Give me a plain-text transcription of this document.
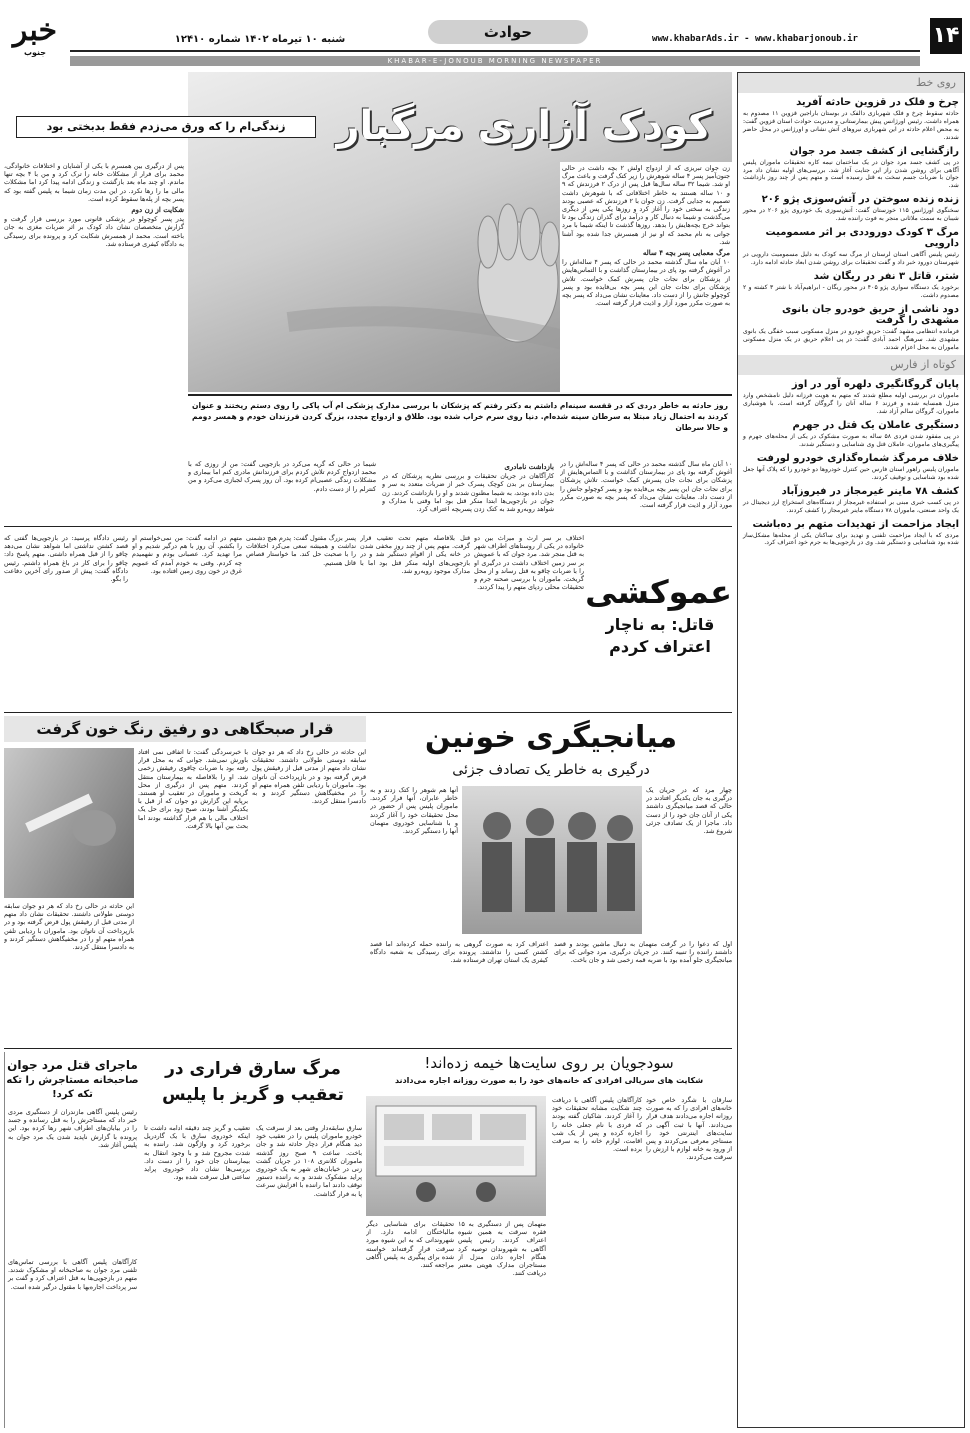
۱۴
حوادث	www.khabarAds.ir - www.khabarjonoub.ir
شنبه ۱۰ تیرماه ۱۴۰۲ شماره ۱۲۴۱۰
خبر
جنوب
KHABAR-E-JONOUB MORNING NEWSPAPER
روی خط
چرخ و فلک در قزوین حادثه آفرید
حادثه سقوط چرخ و فلک شهربازی دالفک در بوستان باراجین قزوین ۱۱ مصدوم به همراه داشت. رئیس اورژانس پیش بیمارستانی و مدیریت حوادث استان قزوین گفت: به محض اعلام حادثه در این شهربازی نیروهای آتش نشانی و اورژانس در محل حاضر شدند.
رازگشایی از کشف جسد مرد جوان
در پی کشف جسد مرد جوان در یک ساختمان نیمه کاره تحقیقات ماموران پلیس آگاهی برای روشن شدن راز این جنایت آغاز شد. بررسی‌های اولیه نشان داد مرد جوان با ضربات جسم سخت به قتل رسیده است و متهم پس از چند روز بازداشت شد.
زنده زنده سوختن در آتش‌سوزی پژو ۲۰۶
سخنگوی اورژانس ۱۱۵ خوزستان گفت: آتش‌سوزی یک خودروی پژو ۲۰۶ در محور شیبان به سمت ملاثانی منجر به فوت راننده شد.
مرگ ۳ کودک دوروددی بر اثر مسمومیت دارویی
رئیس پلیس آگاهی استان لرستان از مرگ سه کودک به دلیل مسمومیت دارویی در شهرستان دورود خبر داد و گفت تحقیقات برای روشن شدن ابعاد حادثه ادامه دارد.
شتر، قاتل ۳ نفر در ریگان شد
برخورد یک دستگاه سواری پژو ۴۰۵ در محور ریگان - ابراهیم‌آباد با شتر ۳ کشته و ۲ مصدوم داشت.
دود ناشی از حریق خودرو جان بانوی مشهدی را گرفت
فرمانده انتظامی مشهد گفت: حریق خودرو در منزل مسکونی سبب خفگی یک بانوی مشهدی شد. سرهنگ احمد آبادی گفت: در پی اعلام حریق در یک منزل مسکونی ماموران به محل اعزام شدند.
کوتاه از فارس
پایان گروگانگیری دلهره آور در اوز
ماموران در بررسی اولیه مطلع شدند که متهم به هویت فرزانه دلیل نامشخص وارد منزل همسایه شده و فرزند ۶ ساله آنان را گروگان گرفته است. با هوشیاری ماموران، گروگان سالم آزاد شد.
دستگیری عاملان یک قتل در جهرم
در پی مفقود شدن فردی ۵۸ ساله به صورت مشکوک در یکی از محله‌های جهرم و پیگیری‌های ماموران، عاملان قتل وی شناسایی و دستگیر شدند.
خلاف مرمرگذ شماره‌گذاری خودرو لورفت
ماموران پلیس راهور استان فارس حین کنترل خودروها دو خودرو را که پلاک آنها جعل شده بود شناسایی و توقیف کردند.
کشف ۷۸ ماینر غیرمجاز در فیروزآباد
در پی کسب خبری مبنی بر استفاده غیرمجاز از دستگاه‌های استخراج ارز دیجیتال در یک واحد صنعتی، ماموران ۷۸ دستگاه ماینر غیرمجاز را کشف کردند.
ایجاد مزاحمت از تهدیدات متهم بر ده‌باشت
مردی که با ایجاد مزاحمت تلفنی و تهدید برای ساکنان یکی از محله‌ها مشکل‌ساز شده بود شناسایی و دستگیر شد. وی در بازجویی‌ها به جرم خود اعتراف کرد.
زندگی‌ام را که ورق می‌زدم فقط بدبختی بود	کودک آزاری مرگبار
روز حادثه به خاطر دردی که در قفسه سینه‌ام داشتم به دکتر رفتم که پزشکان با بررسی مدارک پزشکی ام آب پاکی را روی دستم ریختند و عنوان کردند به احتمال زیاد مبتلا به سرطان سینه شده‌ام. دنیا روی سرم خراب شده بود. طلاق و ازدواج مجدد، بزرگ کردن فرزندان خودم و همسر دومم و حالا سرطان
زن جوان تبریزی که از ازدواج اولش ۲ بچه داشت در حالی جنون‌آمیز پسر ۴ ساله شوهرش را زیر کتک گرفت و باعث مرگ او شد. شیما ۳۲ ساله سال‌ها قبل پس از درک ۲ فرزندش که ۹ و ۱۰ ساله هستند به خاطر اختلافاتی که با شوهرش داشت تصمیم به جدایی گرفت. زن جوان با ۲ فرزندش که عصبی بودند زندگی به سختی خود را آغاز کرد و روزها یکی پس از دیگری می‌گذشت و شیما به دنبال کار و درآمد برای گذران زندگی بود تا بتواند خرج بچه‌هایش را بدهد. روزها گذشت تا اینکه شیما با مرد جوانی به نام محمد که او نیز از همسرش جدا شده بود آشنا شد.
مرگ معمایی پسر بچه ۴ ساله
۱۰ آبان ماه سال گذشته محمد در حالی که پسر ۴ ساله‌اش را در آغوش گرفته بود پای در بیمارستان گذاشت و با التماس‌هایش از پزشکان برای نجات جان پسرش کمک خواست. تلاش پزشکان برای نجات جان این پسر بچه بی‌فایده بود و پسر کوچولو جانش را از دست داد. معاینات نشان می‌داد که پسر بچه به صورت مکرر مورد آزار و اذیت قرار گرفته است.
پس از درگیری بین همسرم با یکی از آشنایان و اختلافات خانوادگی، محمد برای فرار از مشکلات خانه را ترک کرد و من با ۴ بچه تنها ماندم. او چند ماه بعد بازگشت و زندگی ادامه پیدا کرد اما مشکلات مالی ما را رها نکرد. در این مدت زمان شیما به پلیس گفته بود که پسر بچه از پله‌ها سقوط کرده است.
شکایت از زن دوم
پدر پسر کوچولو در پزشکی قانونی مورد بررسی قرار گرفت و گزارش متخصصان نشان داد کودک بر اثر ضربات مغزی به جان باخته است. محمد از همسرش شکایت کرد و پرونده برای رسیدگی به دادگاه کیفری فرستاده شد.
۱۰ آبان ماه سال گذشته محمد در حالی که پسر ۴ ساله‌اش را در آغوش گرفته بود پای در بیمارستان گذاشت و با التماس‌هایش از پزشکان برای نجات جان پسرش کمک خواست. تلاش پزشکان برای نجات جان این پسر بچه بی‌فایده بود و پسر کوچولو جانش را از دست داد. معاینات نشان می‌داد که پسر بچه به صورت مکرر مورد آزار و اذیت قرار گرفته است.
بازداشت نامادری
کارآگاهان در جریان تحقیقات و بررسی نظریه پزشکان که در بیمارستان بر بدن کوچک پسرک خبر از ضربات متعدد به سر و بدن داده بودند، به شیما مظنون شدند و او را بازداشت کردند. زن جوان در بازجویی‌ها ابتدا منکر قتل بود اما وقتی با مدارک و شواهد روبه‌رو شد به کتک زدن پسربچه اعتراف کرد.
شیما در حالی که گریه می‌کرد در بازجویی گفت: من از روزی که با محمد ازدواج کردم تلاش کردم برای فرزندانش مادری کنم اما بیماری و مشکلات زندگی عصبی‌ام کرده بود. آن روز پسرک لجبازی می‌کرد و من کنترلم را از دست دادم.
عموکشی
قاتل: به ناچار اعتراف کردم
اختلاف بر سر ارث و میراث بین دو خانواده در یکی از روستاهای اطراف شهر به قتل منجر شد. مرد جوان که با عمویش بر سر زمین اختلاف داشت در درگیری او را با ضربات چاقو به قتل رساند و از محل گریخت. ماموران با بررسی صحنه جرم و تحقیقات محلی ردپای متهم را پیدا کردند.
قتل بلافاصله متهم تحت تعقیب قرار گرفت. متهم پس از چند روز مخفی شدن در خانه یکی از اقوام دستگیر شد و در بازجویی‌های اولیه منکر قتل بود اما با مدارک موجود روبه‌رو شد.
پسر بزرگ مقتول گفت: پدرم هیچ دشمنی نداشت و همیشه سعی می‌کرد اختلافات را با صحبت حل کند. ما خواستار قصاص قاتل هستیم.
متهم در ادامه گفت: من نمی‌خواستم او را بکشم. آن روز با هم درگیر شدیم و او مرا تهدید کرد. عصبانی بودم و نفهمیدم چه کردم. وقتی به خودم آمدم که عمویم غرق در خون روی زمین افتاده بود.
رئیس دادگاه پرسید: در بازجویی‌ها گفتی که قصد کشتن نداشتی اما شواهد نشان می‌دهد چاقو را از قبل همراه داشتی. متهم پاسخ داد: چاقو را برای کار در باغ همراه داشتم. رئیس دادگاه گفت: پیش از صدور رای آخرین دفاعت را بگو.
قرار صبحگاهی دو رفیق رنگ خون گرفت
با خبرسردگی گفت: تا اتفاقی نمی افتاد باورش نمی‌شد. جوانی که به محل قرار رفته بود با ضربات چاقوی رفیقش زخمی شد. او را بلافاصله به بیمارستان منتقل کردند. متهم پس از درگیری از محل گریخت و ماموران در تعقیب او هستند. برپایه این گزارش دو جوان که از قبل با یکدیگر آشنا بودند، صبح زود برای حل یک اختلاف مالی با هم قرار گذاشته بودند اما بحث بین آنها بالا گرفت.
این حادثه در حالی رخ داد که هر دو جوان سابقه دوستی طولانی داشتند. تحقیقات نشان داد متهم از مدتی قبل از رفیقش پول قرض گرفته بود و در بازپرداخت آن ناتوان بود. ماموران با ردیابی تلفن همراه متهم او را در مخفیگاهش دستگیر کردند و به دادسرا منتقل کردند.
این حادثه در حالی رخ داد که هر دو جوان سابقه دوستی طولانی داشتند. تحقیقات نشان داد متهم از مدتی قبل از رفیقش پول قرض گرفته بود و در بازپرداخت آن ناتوان بود. ماموران با ردیابی تلفن همراه متهم او را در مخفیگاهش دستگیر کردند و به دادسرا منتقل کردند.
میانجیگری خونین
درگیری به خاطر یک تصادف جزئی
چهار مرد که در جریان یک درگیری به جان یکدیگر افتادند در حالی که قصد میانجیگری داشتند یکی از آنان جان خود را از دست داد. ماجرا از یک تصادف جزئی شروع شد.
آنها هم شوهر را کتک زدند و به خاطر عابران، آنها فرار کردند. ماموران پلیس پس از حضور در محل تحقیقات خود را آغاز کردند و با شناسایی خودروی متهمان آنها را دستگیر کردند.
اول که دعوا را در گرفت متهمان به دنبال ماشین بودند و قصد داشتند راننده را تنبیه کنند. در جریان درگیری، مرد جوانی که برای میانجیگری جلو آمده بود با ضربه قمه زخمی شد و جان باخت.
اعتراف کرد به صورت گروهی به راننده حمله کرده‌اند اما قصد کشتن کسی را نداشتند. پرونده برای رسیدگی به شعبه دادگاه کیفری یک استان تهران فرستاده شد.
ماجرای قتل مرد جوان
صاحبخانه مستاجرش را تکه تکه کرد!
رئیس پلیس آگاهی مازندران از دستگیری مردی خبر داد که مستاجرش را به قتل رسانده و جسد را در بیابان‌های اطراف شهر رها کرده بود. این پرونده با گزارش ناپدید شدن یک مرد جوان به پلیس آغاز شد.
کارآگاهان پلیس آگاهی با بررسی تماس‌های تلفنی مرد جوان به صاحبخانه او مشکوک شدند. متهم در بازجویی‌ها به قتل اعتراف کرد و گفت بر سر پرداخت اجاره‌بها با مقتول درگیر شده است.
مرگ سارق فراری در تعقیب و گریز با پلیس
سارق سابقه‌دار وقتی بعد از سرقت یک خودرو ماموران پلیس را در تعقیب خود دید هنگام فرار دچار حادثه شد و جان باخت. ساعت ۹ صبح روز گذشته ماموران کلانتری ۱۰۸ در جریان گشت زنی در خیابان‌های شهر به یک خودروی پراید مشکوک شدند و به راننده دستور توقف دادند اما راننده با افزایش سرعت پا به فرار گذاشت.
تعقیب و گریز چند دقیقه ادامه داشت تا اینکه خودروی سارق با یک گاردریل برخورد کرد و واژگون شد. راننده به شدت مجروح شد و با وجود انتقال به بیمارستان جان خود را از دست داد. بررسی‌ها نشان داد خودروی پراید ساعتی قبل سرقت شده بود.
سودجویان بر روی سایت‌ها خیمه زده‌اند!
شکایت های سریالی افرادی که خانه‌های خود را به صورت روزانه اجاره می‌دادند
سارقان با شگرد خاص خود خانه‌های افرادی را که به صورت روزانه اجاره می‌دادند هدف قرار می‌دادند. آنها با ثبت آگهی در سایت‌های اینترنتی خود را مستاجر معرفی می‌کردند و پس از ورود به خانه لوازم با ارزش را سرقت می‌کردند.
کارآگاهان پلیس آگاهی با دریافت چند شکایت مشابه تحقیقات خود را آغاز کردند. شاکیان گفته بودند که فردی با نام جعلی خانه را اجاره کرده و پس از یک شب اقامت، لوازم خانه را به سرقت برده است.
متهمان پس از دستگیری به ۱۵ فقره سرقت به همین شیوه اعتراف کردند. رئیس پلیس آگاهی به شهروندان توصیه کرد هنگام اجاره دادن منزل از مستاجران مدارک هویتی معتبر دریافت کنند.
تحقیقات برای شناسایی دیگر مالباختگان ادامه دارد. از شهروندانی که به این شیوه مورد سرقت قرار گرفته‌اند خواسته شده برای پیگیری به پلیس آگاهی مراجعه کنند.
